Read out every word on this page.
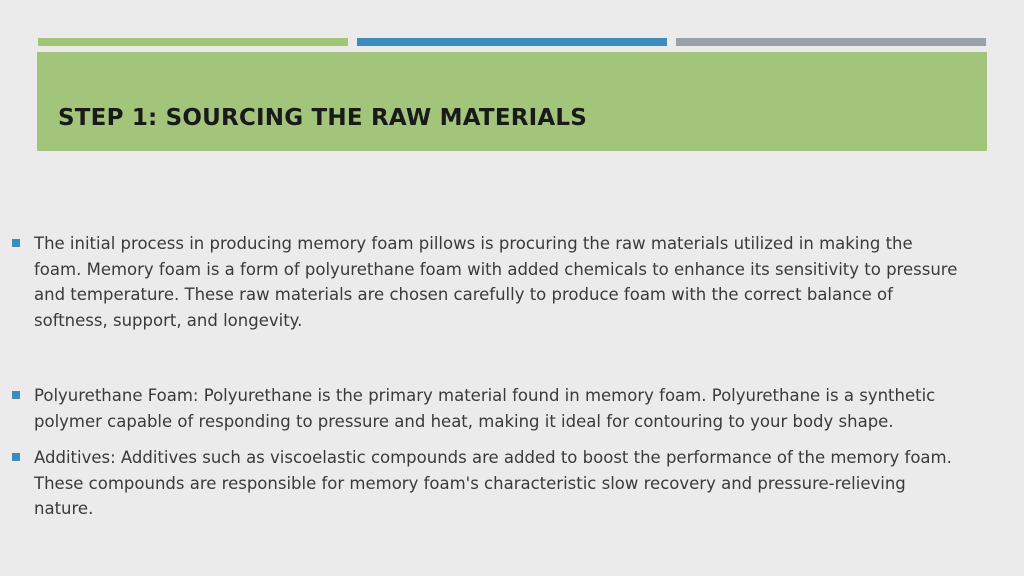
STEP 1: SOURCING THE RAW MATERIALS

The initial process in producing memory foam pillows is procuring the raw materials utilized in making the foam. Memory foam is a form of polyurethane foam with added chemicals to enhance its sensitivity to pressure and temperature. These raw materials are chosen carefully to produce foam with the correct balance of softness, support, and longevity.

Polyurethane Foam: Polyurethane is the primary material found in memory foam. Polyurethane is a synthetic polymer capable of responding to pressure and heat, making it ideal for contouring to your body shape.

Additives: Additives such as viscoelastic compounds are added to boost the performance of the memory foam. These compounds are responsible for memory foam's characteristic slow recovery and pressure-relieving nature.
